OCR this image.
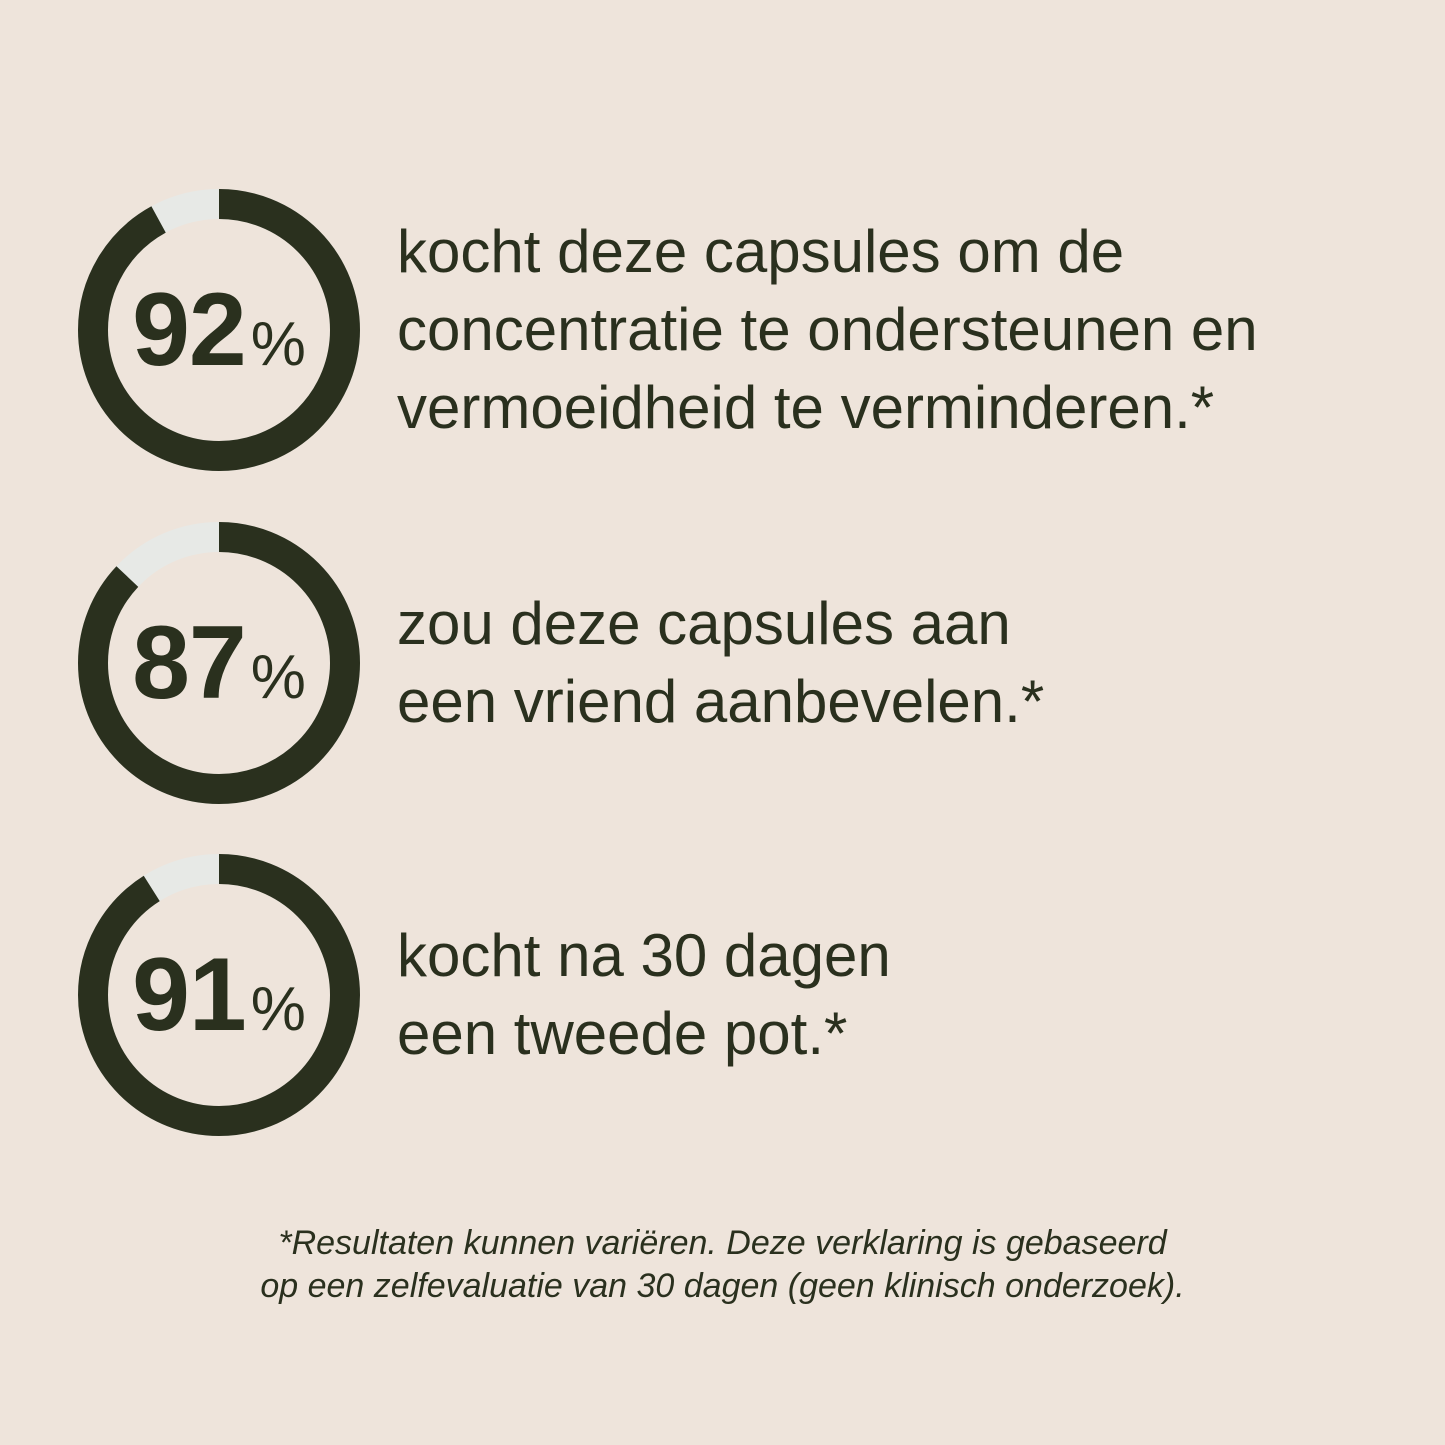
92 %
kocht deze capsules om de
concentratie te ondersteunen en
vermoeidheid te verminderen.*
87 %
zou deze capsules aan
een vriend aanbevelen.*
91 %
kocht na 30 dagen
een tweede pot.*
*Resultaten kunnen variëren. Deze verklaring is gebaseerd
op een zelfevaluatie van 30 dagen (geen klinisch onderzoek).
